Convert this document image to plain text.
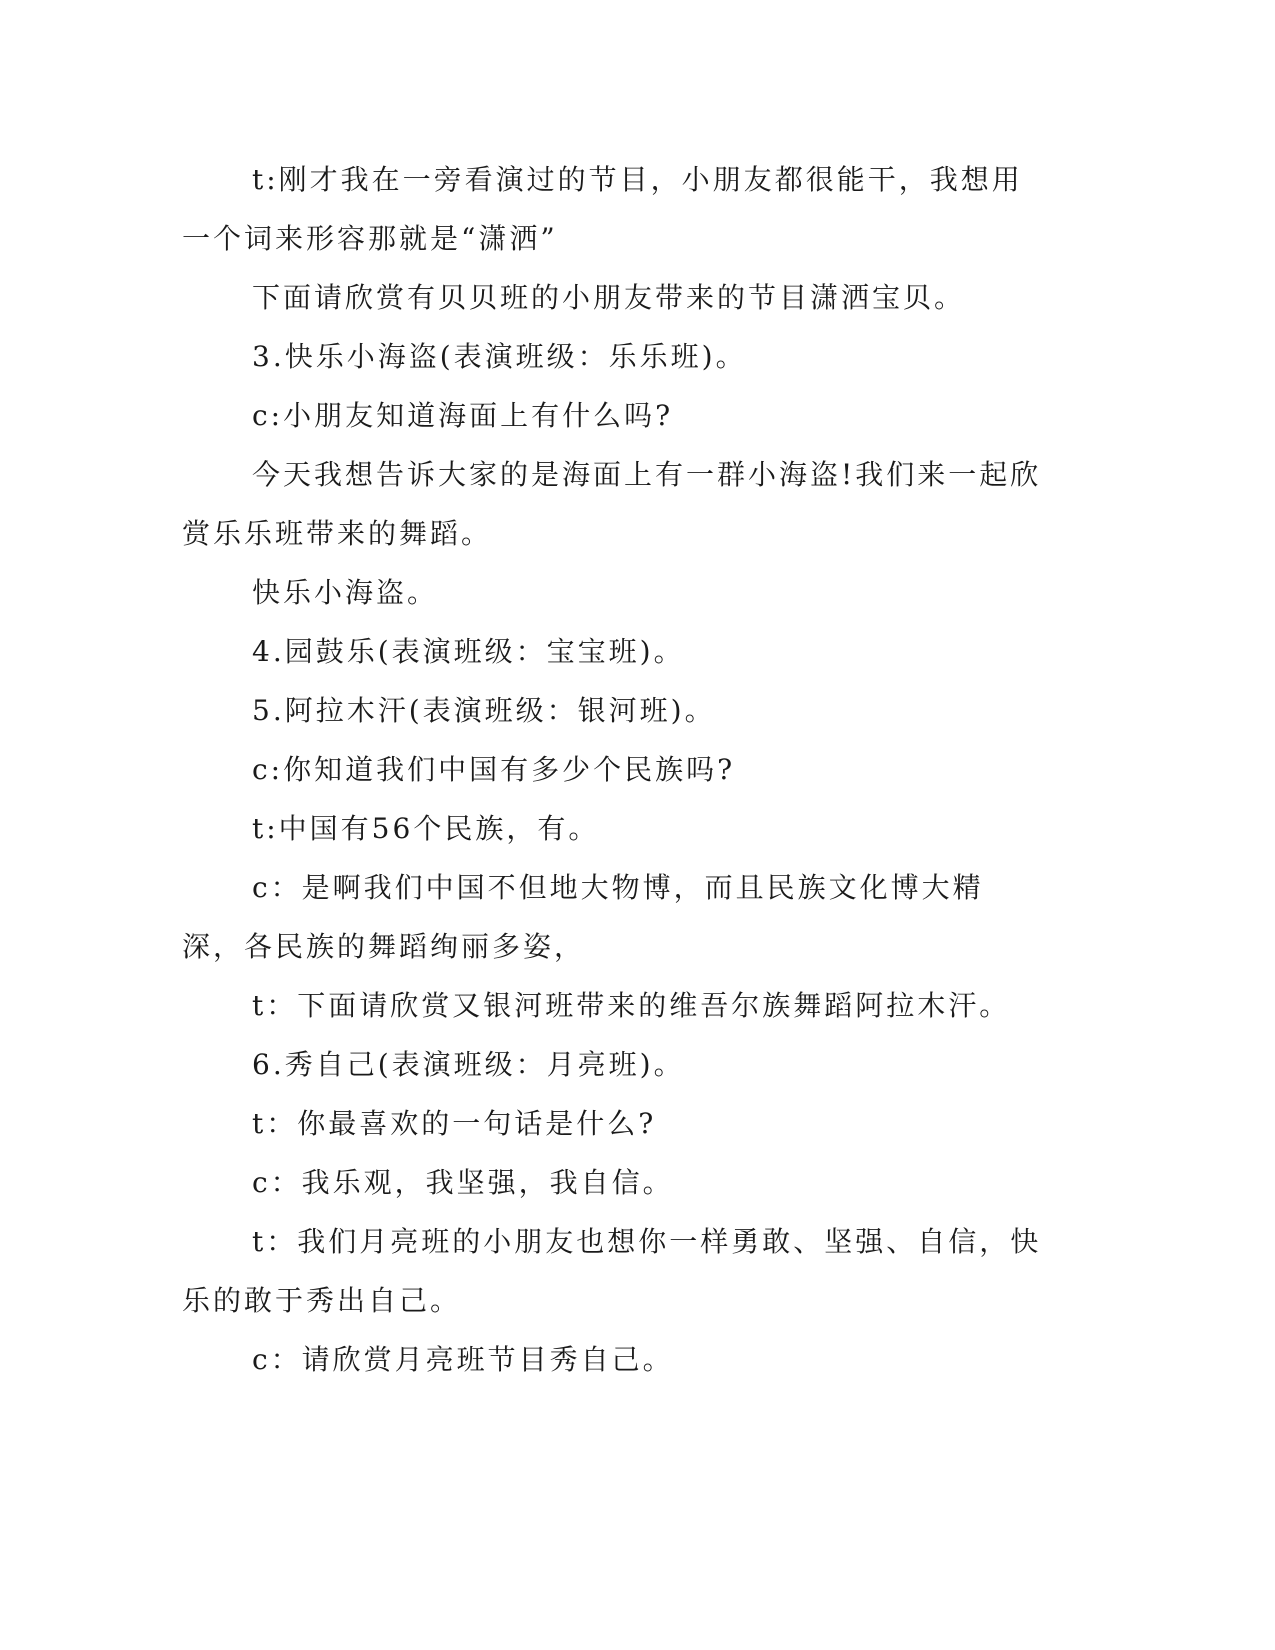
t:刚才我在一旁看演过的节目，小朋友都很能干，我想用一个词来形容那就是“潇洒”

下面请欣赏有贝贝班的小朋友带来的节目潇洒宝贝。

3.快乐小海盗(表演班级：乐乐班)。

c:小朋友知道海面上有什么吗?

今天我想告诉大家的是海面上有一群小海盗!我们来一起欣赏乐乐班带来的舞蹈。

快乐小海盗。

4.园鼓乐(表演班级：宝宝班)。

5.阿拉木汗(表演班级：银河班)。

c:你知道我们中国有多少个民族吗?

t:中国有56个民族，有。

c：是啊我们中国不但地大物博，而且民族文化博大精深，各民族的舞蹈绚丽多姿，

t：下面请欣赏又银河班带来的维吾尔族舞蹈阿拉木汗。

6.秀自己(表演班级：月亮班)。

t：你最喜欢的一句话是什么?

c：我乐观，我坚强，我自信。

t：我们月亮班的小朋友也想你一样勇敢、坚强、自信，快乐的敢于秀出自己。

c：请欣赏月亮班节目秀自己。
